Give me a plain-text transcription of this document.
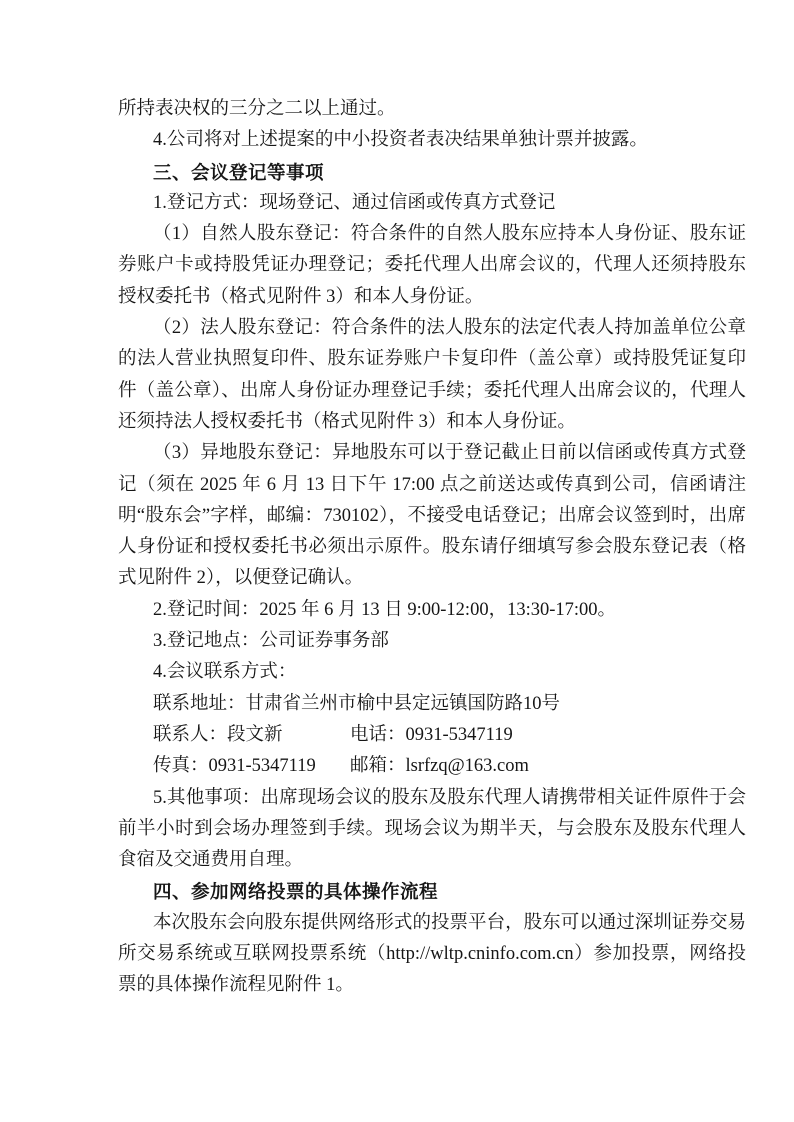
所持表决权的三分之二以上通过。

4.公司将对上述提案的中小投资者表决结果单独计票并披露。

三、会议登记等事项

1.登记方式：现场登记、通过信函或传真方式登记

（1）自然人股东登记：符合条件的自然人股东应持本人身份证、股东证券账户卡或持股凭证办理登记；委托代理人出席会议的，代理人还须持股东授权委托书（格式见附件 3）和本人身份证。

（2）法人股东登记：符合条件的法人股东的法定代表人持加盖单位公章的法人营业执照复印件、股东证券账户卡复印件（盖公章）或持股凭证复印件（盖公章）、出席人身份证办理登记手续；委托代理人出席会议的，代理人还须持法人授权委托书（格式见附件 3）和本人身份证。

（3）异地股东登记：异地股东可以于登记截止日前以信函或传真方式登记（须在 2025 年 6 月 13 日下午 17:00 点之前送达或传真到公司，信函请注明“股东会”字样，邮编：730102），不接受电话登记；出席会议签到时，出席人身份证和授权委托书必须出示原件。股东请仔细填写参会股东登记表（格式见附件 2），以便登记确认。

2.登记时间：2025 年 6 月 13 日 9:00-12:00，13:30-17:00。

3.登记地点：公司证券事务部

4.会议联系方式：

联系地址：甘肃省兰州市榆中县定远镇国防路10号

联系人：段文新	电话：0931-5347119

传真：0931-5347119 邮箱：lsrfzq@163.com

5.其他事项：出席现场会议的股东及股东代理人请携带相关证件原件于会前半小时到会场办理签到手续。现场会议为期半天，与会股东及股东代理人食宿及交通费用自理。

四、参加网络投票的具体操作流程

本次股东会向股东提供网络形式的投票平台，股东可以通过深圳证券交易所交易系统或互联网投票系统（http://wltp.cninfo.com.cn）参加投票，网络投票的具体操作流程见附件 1。
